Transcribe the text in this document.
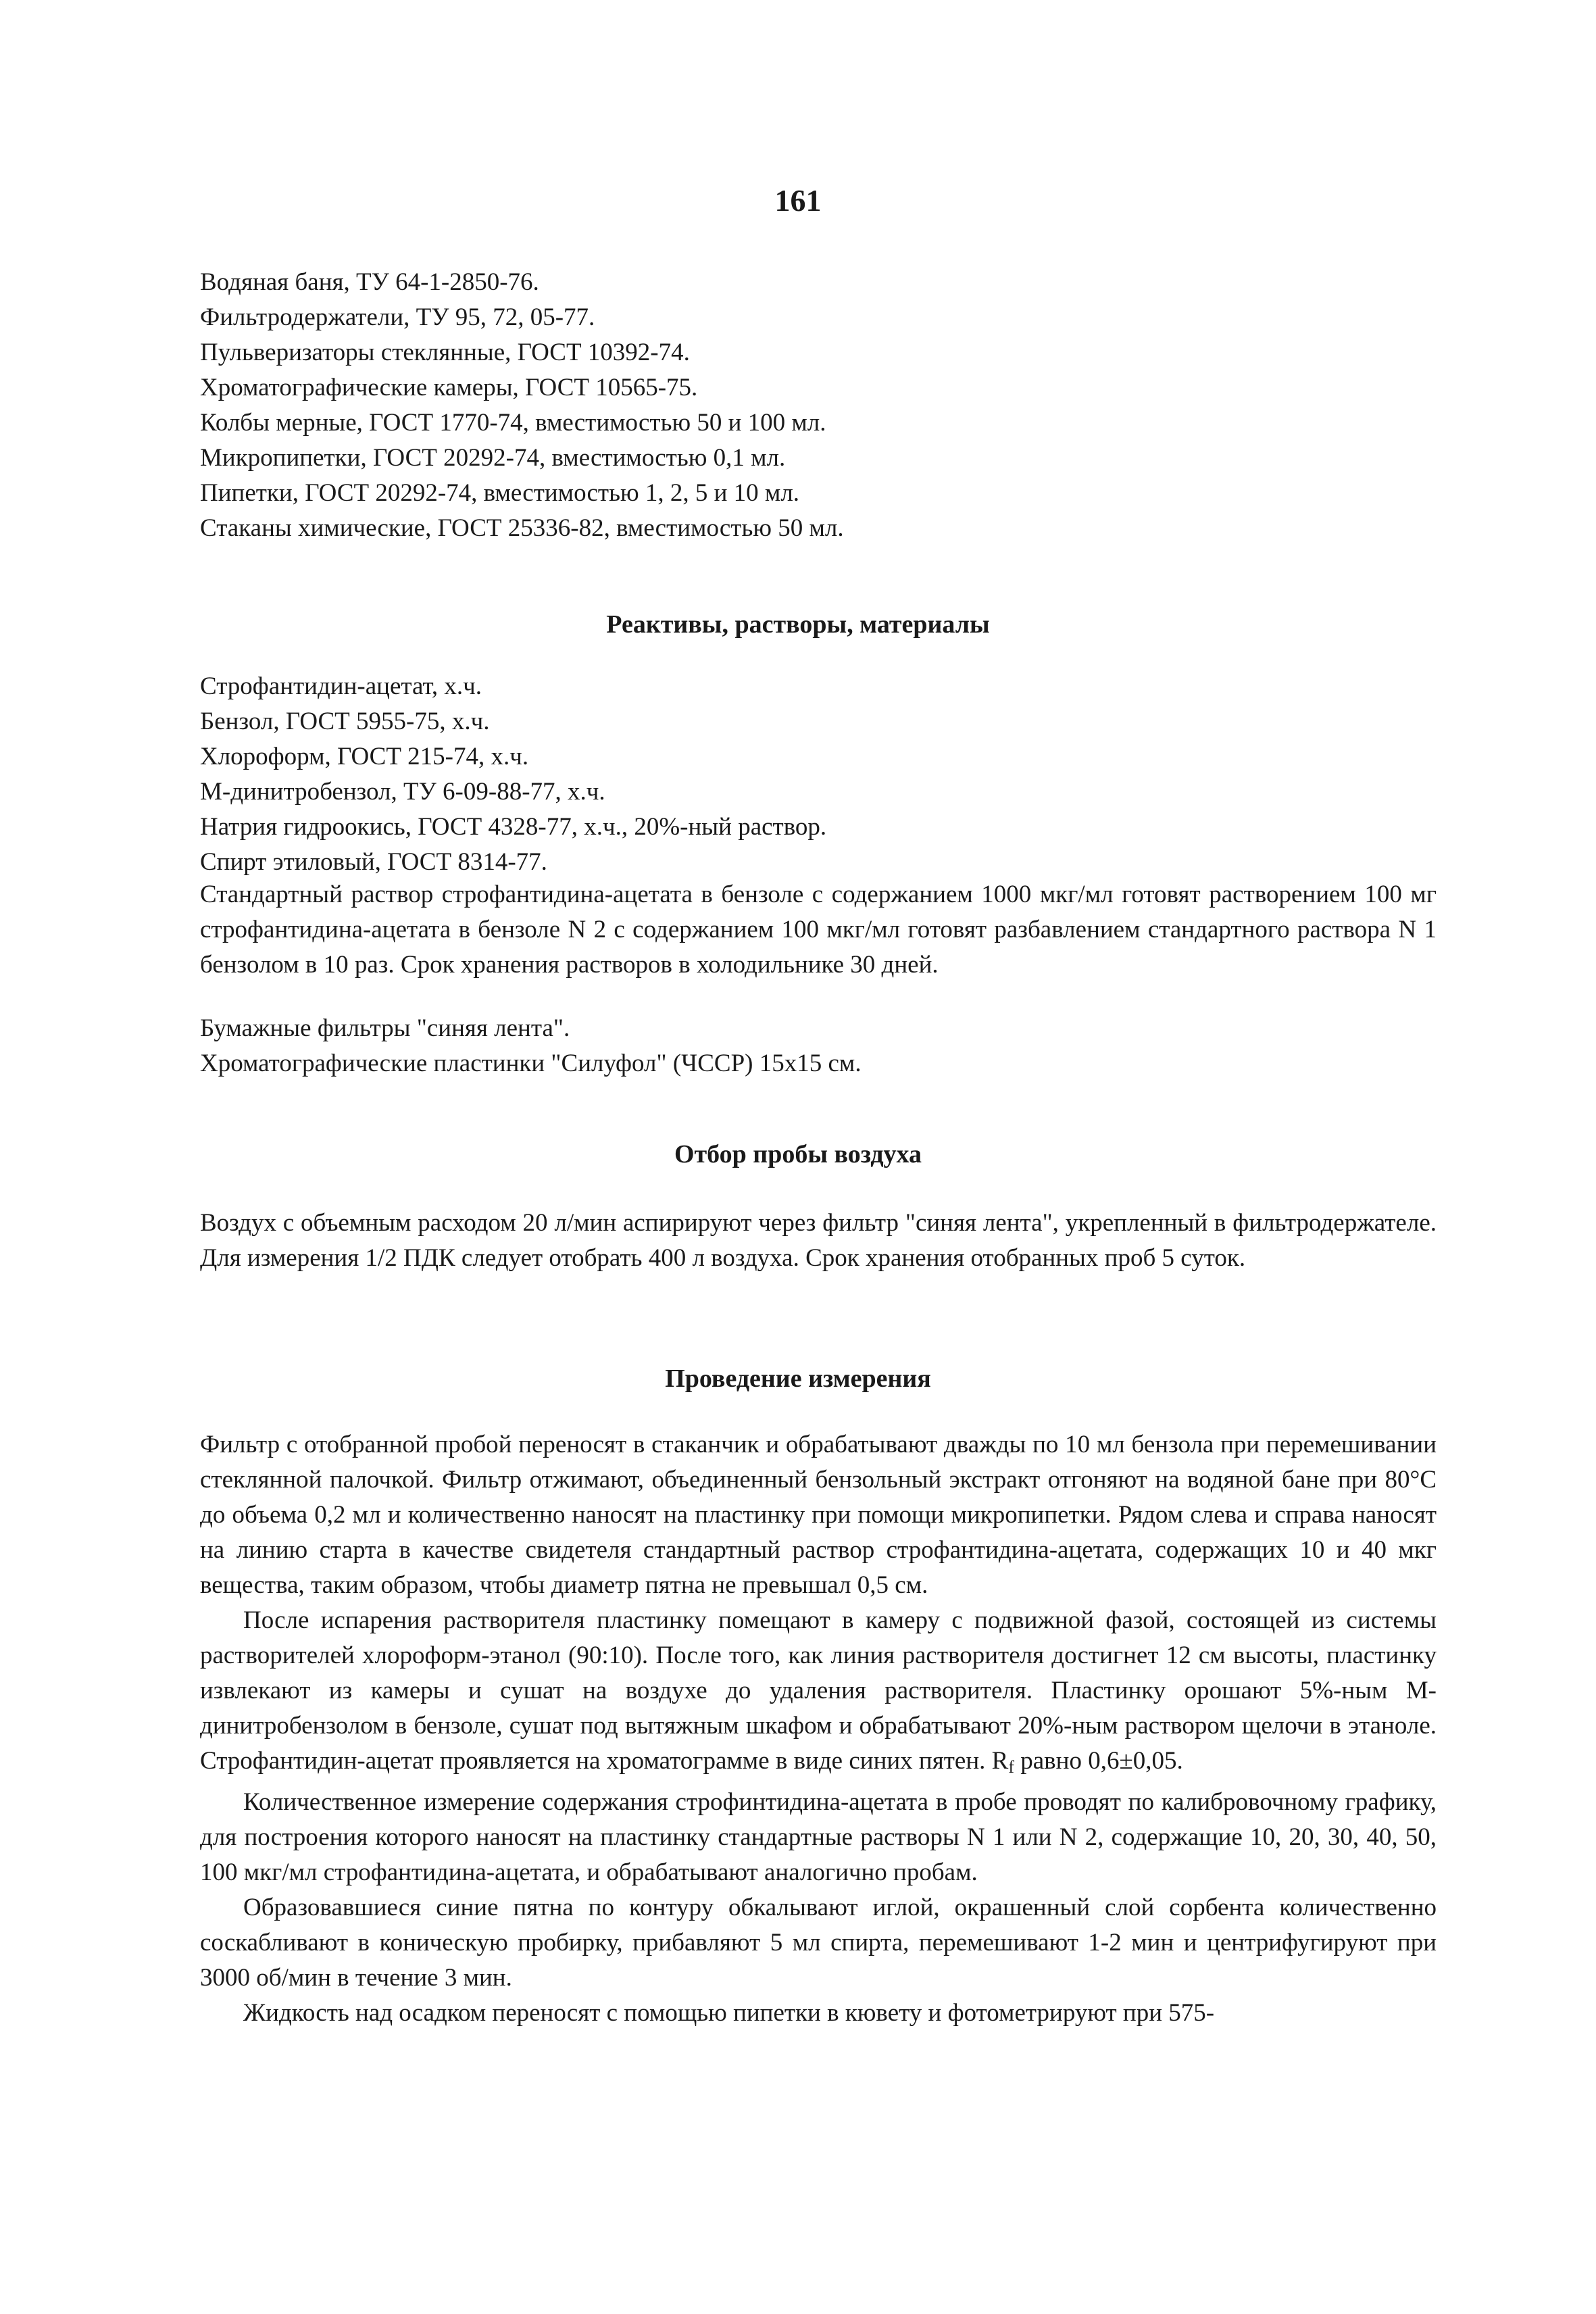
161

Водяная баня, ТУ 64-1-2850-76.

Фильтродержатели, ТУ 95, 72, 05-77.

Пульверизаторы стеклянные, ГОСТ 10392-74.

Хроматографические камеры, ГОСТ 10565-75.

Колбы мерные, ГОСТ 1770-74, вместимостью 50 и 100 мл.

Микропипетки, ГОСТ 20292-74, вместимостью 0,1 мл.

Пипетки, ГОСТ 20292-74, вместимостью 1, 2, 5 и 10 мл.

Стаканы химические, ГОСТ 25336-82, вместимостью 50 мл.

Реактивы, растворы, материалы

Строфантидин-ацетат, х.ч.

Бензол, ГОСТ 5955-75, х.ч.

Хлороформ, ГОСТ 215-74, х.ч.

М-динитробензол, ТУ 6-09-88-77, х.ч.

Натрия гидроокись, ГОСТ 4328-77, х.ч., 20%-ный раствор.

Спирт этиловый, ГОСТ 8314-77.

Стандартный раствор строфантидина-ацетата в бензоле с содержанием 1000 мкг/мл готовят растворением 100 мг строфантидина-ацетата в бензоле N 2 с содержанием 100 мкг/мл готовят разбавлением стандартного раствора N 1 бензолом в 10 раз. Срок хранения растворов в холодильнике 30 дней.

Бумажные фильтры "синяя лента".

Хроматографические пластинки "Силуфол" (ЧССР) 15х15 см.

Отбор пробы воздуха

Воздух с объемным расходом 20 л/мин аспирируют через фильтр "синяя лента", укрепленный в фильтродержателе. Для измерения 1/2 ПДК следует отобрать 400 л воздуха. Срок хранения отобранных проб 5 суток.

Проведение измерения

Фильтр с отобранной пробой переносят в стаканчик и обрабатывают дважды по 10 мл бензола при перемешивании стеклянной палочкой. Фильтр отжимают, объединенный бензольный экстракт отгоняют на водяной бане при 80°С до объема 0,2 мл и количественно наносят на пластинку при помощи микропипетки. Рядом слева и справа наносят на линию старта в качестве свидетеля стандартный раствор строфантидина-ацетата, содержащих 10 и 40 мкг вещества, таким образом, чтобы диаметр пятна не превышал 0,5 см.

После испарения растворителя пластинку помещают в камеру с подвижной фазой, состоящей из системы растворителей хлороформ-этанол (90:10). После того, как линия растворителя достигнет 12 см высоты, пластинку извлекают из камеры и сушат на воздухе до удаления растворителя. Пластинку орошают 5%-ным М-динитробензолом в бензоле, сушат под вытяжным шкафом и обрабатывают 20%-ным раствором щелочи в этаноле. Строфантидин-ацетат проявляется на хроматограмме в виде синих пятен. $R_f$ равно 0,6±0,05.

Количественное измерение содержания строфинтидина-ацетата в пробе проводят по калибровочному графику, для построения которого наносят на пластинку стандартные растворы N 1 или N 2, содержащие 10, 20, 30, 40, 50, 100 мкг/мл строфантидина-ацетата, и обрабатывают аналогично пробам.

Образовавшиеся синие пятна по контуру обкалывают иглой, окрашенный слой сорбента количественно соскабливают в коническую пробирку, прибавляют 5 мл спирта, перемешивают 1-2 мин и центрифугируют при 3000 об/мин в течение 3 мин.

Жидкость над осадком переносят с помощью пипетки в кювету и фотометрируют при 575-
